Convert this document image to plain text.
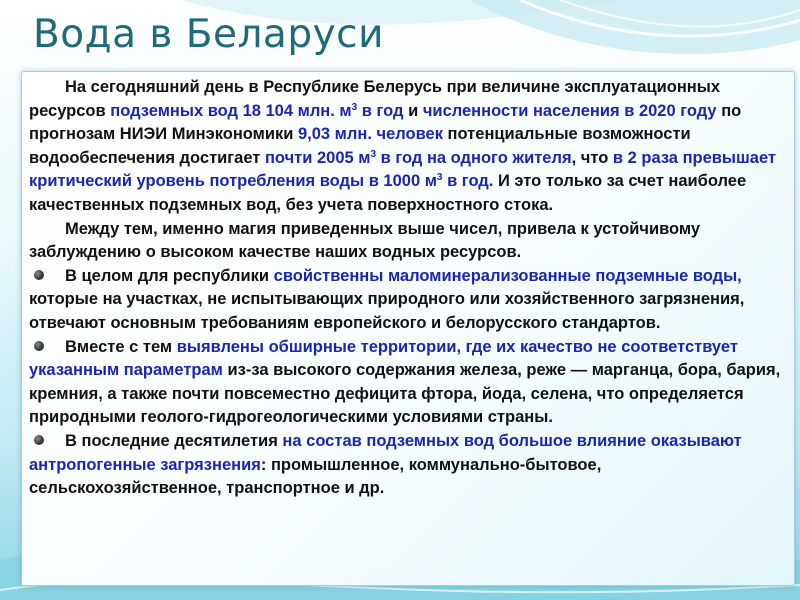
Вода в Беларуси

На сегодняшний день в Республике Белерусь при величине эксплуатационных ресурсов подземных вод 18 104 млн. $м^3$ в год и численности населения в 2020 году по прогнозам НИЭИ Минэкономики 9,03 млн. человек потенциальные возможности водообеспечения достигает почти 2005 $м^3$ в год на одного жителя, что в 2 раза превышает критический уровень потребления воды в 1000 $м^3$ в год. И это только за счет наиболее качественных подземных вод, без учета поверхностного стока.

Между тем, именно магия приведенных выше чисел, привела к устойчивому заблуждению о высоком качестве наших водных ресурсов.

В целом для республики свойственны маломинерализованные подземные воды, которые на участках, не испытывающих природного или хозяйственного загрязнения, отвечают основным требованиям европейского и белорусского стандартов.

Вместе с тем выявлены обширные территории, где их качество не соответствует указанным параметрам из-за высокого содержания железа, реже — марганца, бора, бария, кремния, а также почти повсеместно дефицита фтора, йода, селена, что определяется природными геолого-гидрогеологическими условиями страны.

В последние десятилетия на состав подземных вод большое влияние оказывают антропогенные загрязнения: промышленное, коммунально-бытовое, сельскохозяйственное, транспортное и др.
